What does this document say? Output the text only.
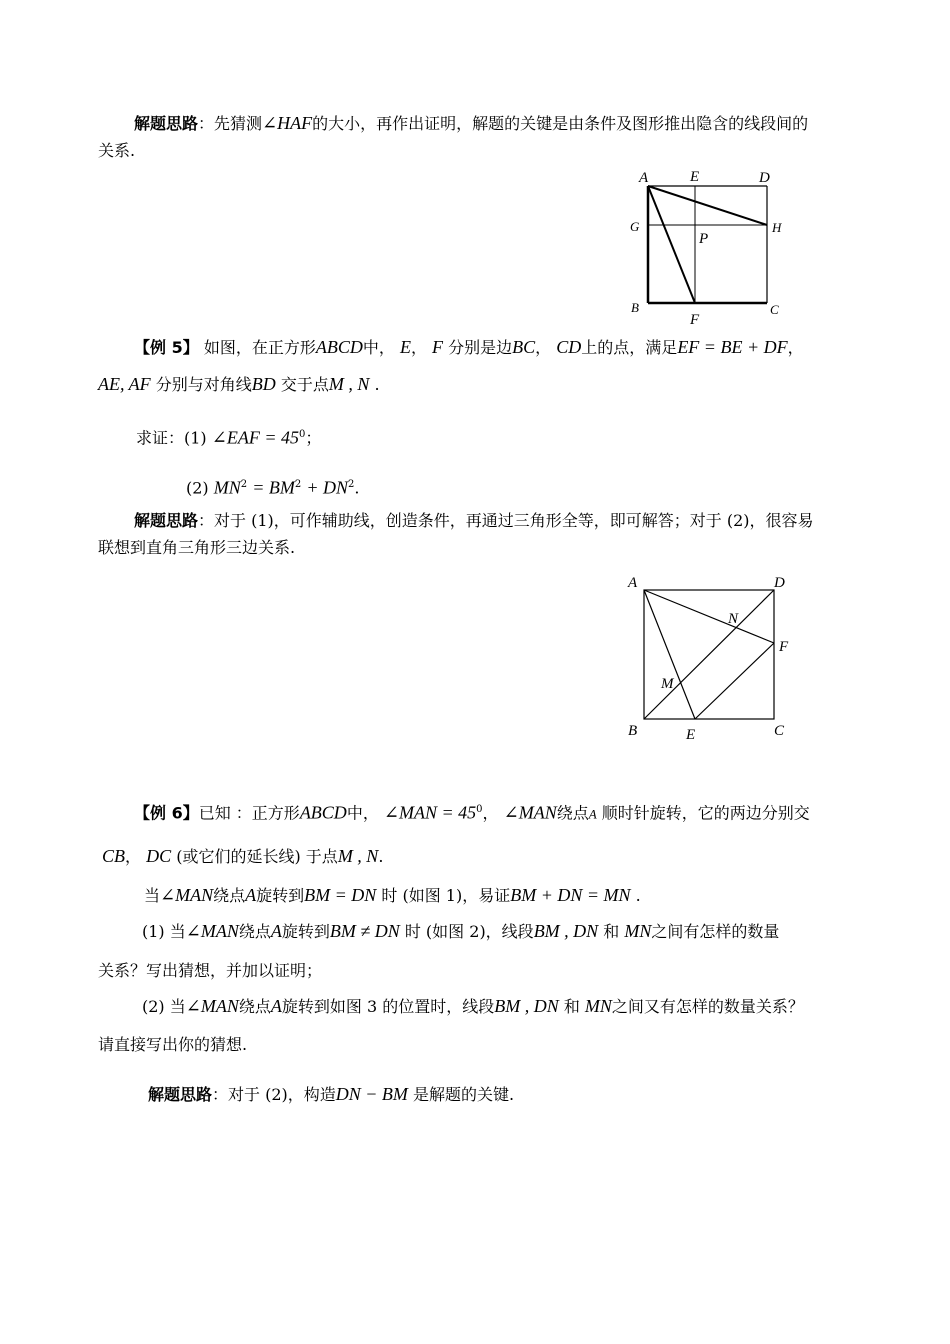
解题思路：先猜测∠HAF的大小，再作出证明，解题的关键是由条件及图形推出隐含的线段间的
关系.
A	E	D
G
P
H
B	C
F
【例 5】 如图，在正方形ABCD中， E， F 分别是边BC， CD上的点，满足EF = BE + DF，
AE, AF 分别与对角线BD 交于点M , N .
求证：(1) ∠EAF = $45^0$；
(2) $MN^2 = BM^2 + DN^2$.
解题思路：对于 (1)，可作辅助线，创造条件，再通过三角形全等，即可解答；对于 (2)，很容易
联想到直角三角形三边关系.
A	D
N
F
M
B	E	C
【例 6】已知 ：正方形ABCD中， ∠MAN = $45^0$， ∠MAN绕点A 顺时针旋转，它的两边分别交
CB， DC (或它们的延长线) 于点M , N.
当∠MAN绕点A旋转到BM = DN 时 (如图 1)，易证BM + DN = MN .
(1) 当∠MAN绕点A旋转到BM ≠ DN 时 (如图 2)，线段BM , DN 和 MN之间有怎样的数量
关系？写出猜想，并加以证明；
(2) 当∠MAN绕点A旋转到如图 3 的位置时，线段BM , DN 和 MN之间又有怎样的数量关系？
请直接写出你的猜想.
解题思路：对于 (2)，构造DN − BM 是解题的关键.
